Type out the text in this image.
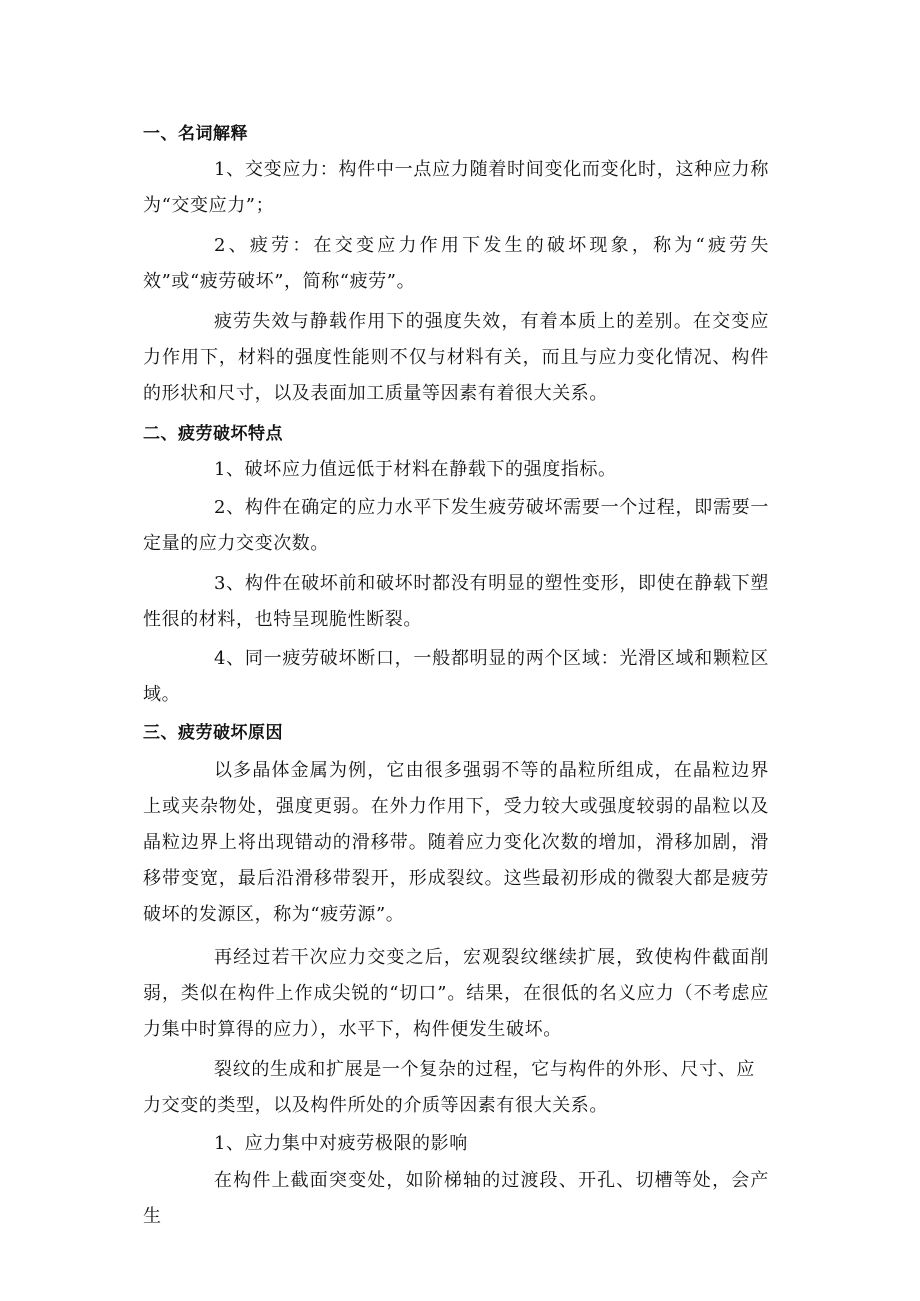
一、名词解释
1、交变应力：构件中一点应力随着时间变化而变化时，这种应力称为“交变应力”；
2、疲劳：在交变应力作用下发生的破坏现象，称为“疲劳失效”或“疲劳破坏”，简称“疲劳”。
疲劳失效与静载作用下的强度失效，有着本质上的差别。在交变应力作用下，材料的强度性能则不仅与材料有关，而且与应力变化情况、构件的形状和尺寸，以及表面加工质量等因素有着很大关系。
二、疲劳破坏特点
1、破坏应力值远低于材料在静载下的强度指标。
2、构件在确定的应力水平下发生疲劳破坏需要一个过程，即需要一定量的应力交变次数。
3、构件在破坏前和破坏时都没有明显的塑性变形，即使在静载下塑性很的材料，也特呈现脆性断裂。
4、同一疲劳破坏断口，一般都明显的两个区域：光滑区域和颗粒区域。
三、疲劳破坏原因
以多晶体金属为例，它由很多强弱不等的晶粒所组成，在晶粒边界上或夹杂物处，强度更弱。在外力作用下，受力较大或强度较弱的晶粒以及晶粒边界上将出现错动的滑移带。随着应力变化次数的增加，滑移加剧，滑移带变宽，最后沿滑移带裂开，形成裂纹。这些最初形成的微裂大都是疲劳破坏的发源区，称为“疲劳源”。
再经过若干次应力交变之后，宏观裂纹继续扩展，致使构件截面削弱，类似在构件上作成尖锐的“切口”。结果，在很低的名义应力（不考虑应力集中时算得的应力），水平下，构件便发生破坏。
裂纹的生成和扩展是一个复杂的过程，它与构件的外形、尺寸、应力交变的类型，以及构件所处的介质等因素有很大关系。
1、应力集中对疲劳极限的影响
在构件上截面突变处，如阶梯轴的过渡段、开孔、切槽等处，会产生
